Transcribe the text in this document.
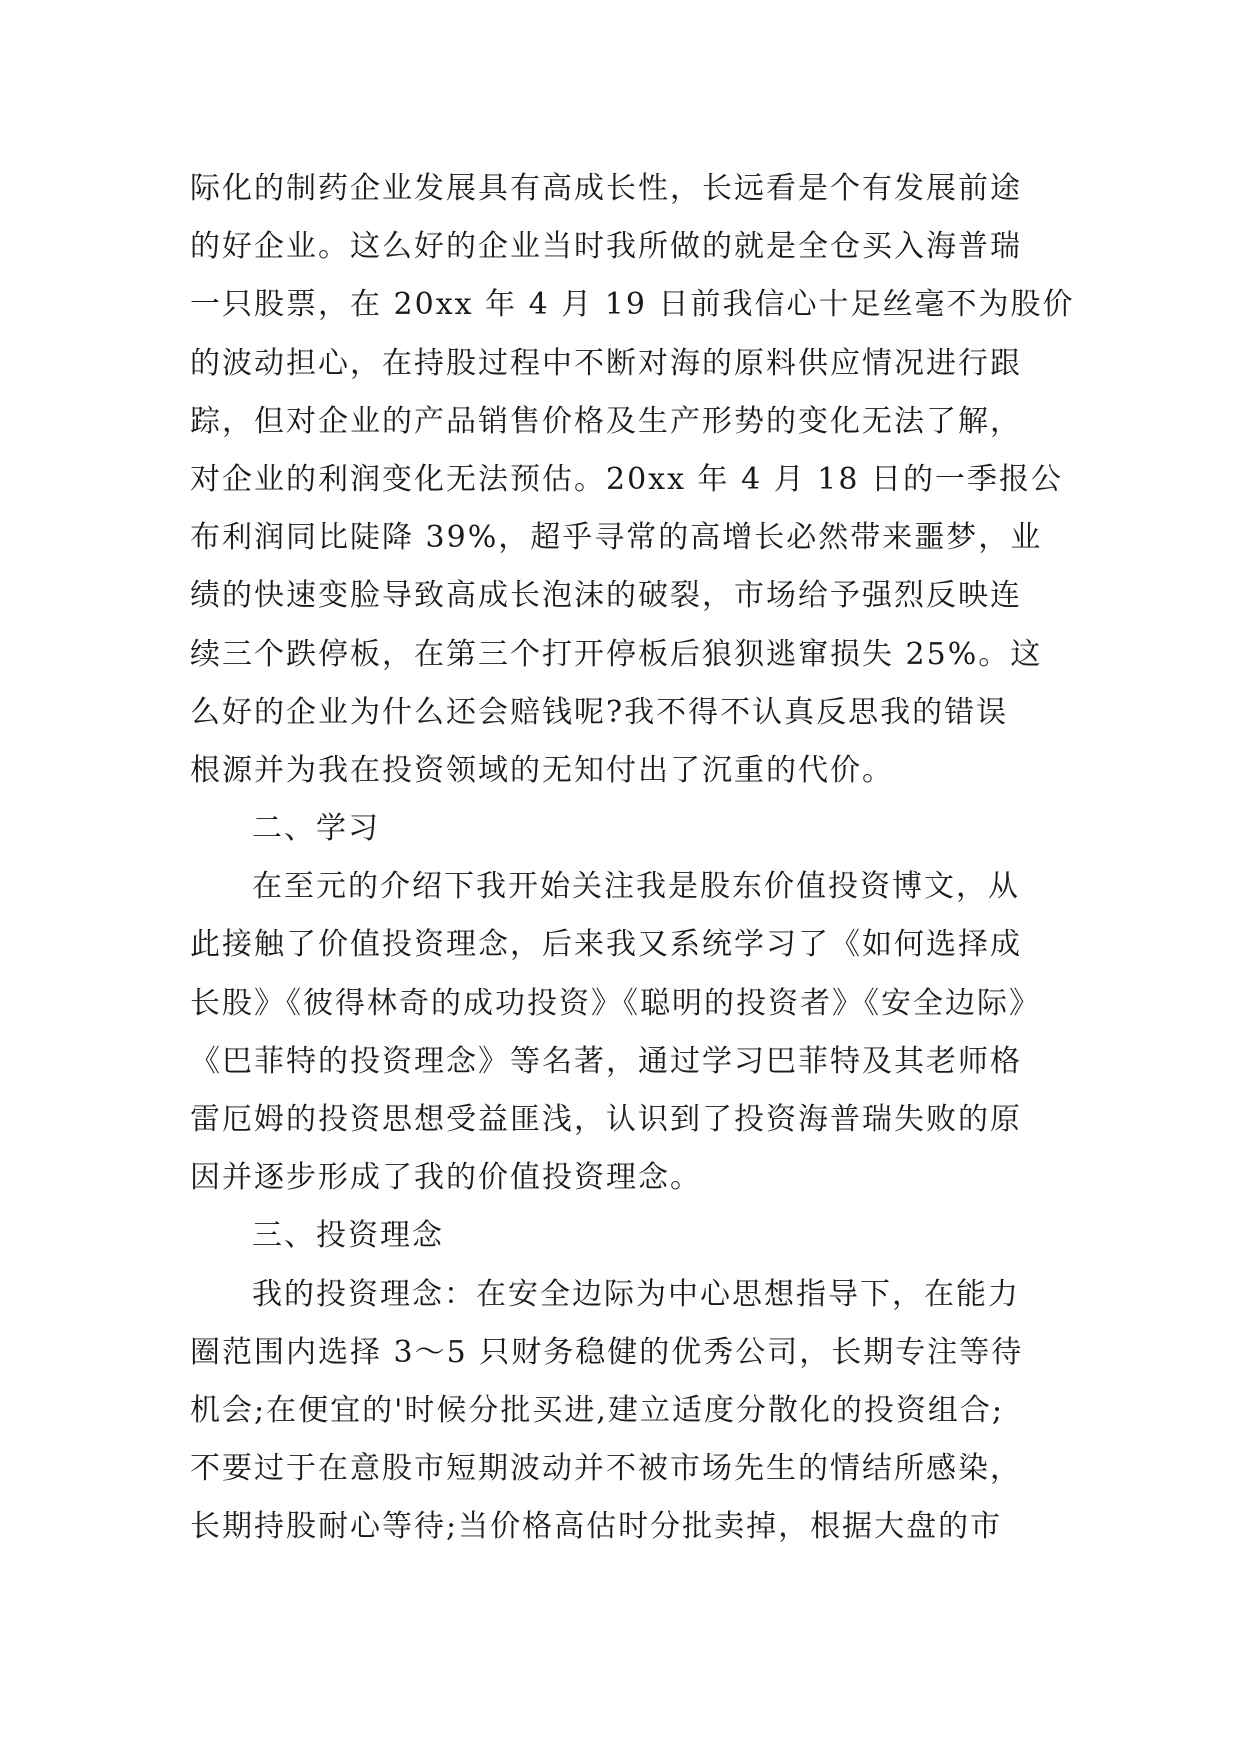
际化的制药企业发展具有高成长性，长远看是个有发展前途
的好企业。这么好的企业当时我所做的就是全仓买入海普瑞
一只股票，在 20xx 年 4 月 19 日前我信心十足丝毫不为股价
的波动担心，在持股过程中不断对海的原料供应情况进行跟
踪，但对企业的产品销售价格及生产形势的变化无法了解，
对企业的利润变化无法预估。20xx 年 4 月 18 日的一季报公
布利润同比陡降 39%，超乎寻常的高增长必然带来噩梦，业
绩的快速变脸导致高成长泡沫的破裂，市场给予强烈反映连
续三个跌停板，在第三个打开停板后狼狈逃窜损失 25%。这
么好的企业为什么还会赔钱呢?我不得不认真反思我的错误
根源并为我在投资领域的无知付出了沉重的代价。
二、学习
在至元的介绍下我开始关注我是股东价值投资博文，从
此接触了价值投资理念，后来我又系统学习了《如何选择成
长股》《彼得林奇的成功投资》《聪明的投资者》《安全边际》
《巴菲特的投资理念》等名著，通过学习巴菲特及其老师格
雷厄姆的投资思想受益匪浅，认识到了投资海普瑞失败的原
因并逐步形成了我的价值投资理念。
三、投资理念
我的投资理念：在安全边际为中心思想指导下，在能力
圈范围内选择 3～5 只财务稳健的优秀公司，长期专注等待
机会;在便宜的'时候分批买进,建立适度分散化的投资组合;
不要过于在意股市短期波动并不被市场先生的情结所感染，
长期持股耐心等待;当价格高估时分批卖掉，根据大盘的市
